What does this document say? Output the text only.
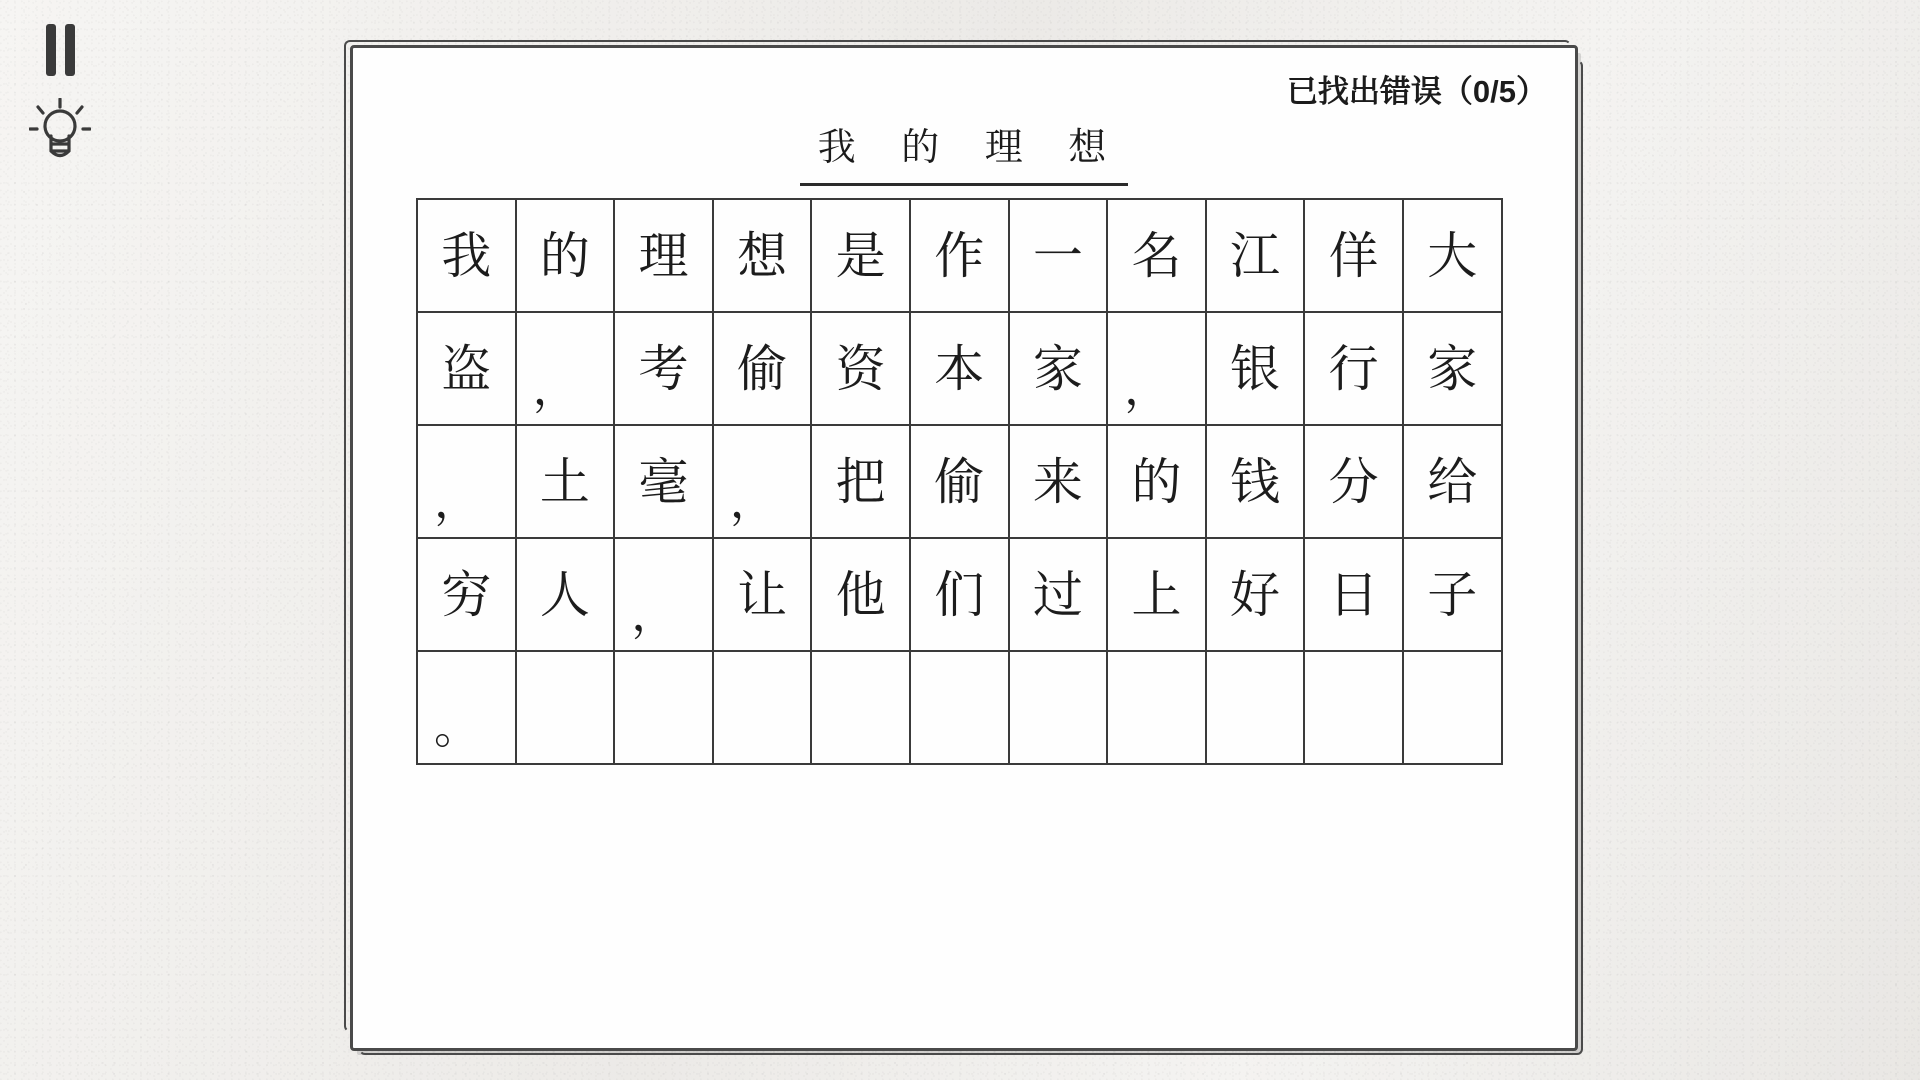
已找出错误（0/5）
我 的 理 想
我 的 理 想 是 作 一 名 江 佯 大
盗 ，	考 偷 资 本 家 ，	银 行 家
，	土 毫 ，	把 偷 来 的 钱 分 给
穷 人 ，	让 他 们 过 上 好 日 子
。
